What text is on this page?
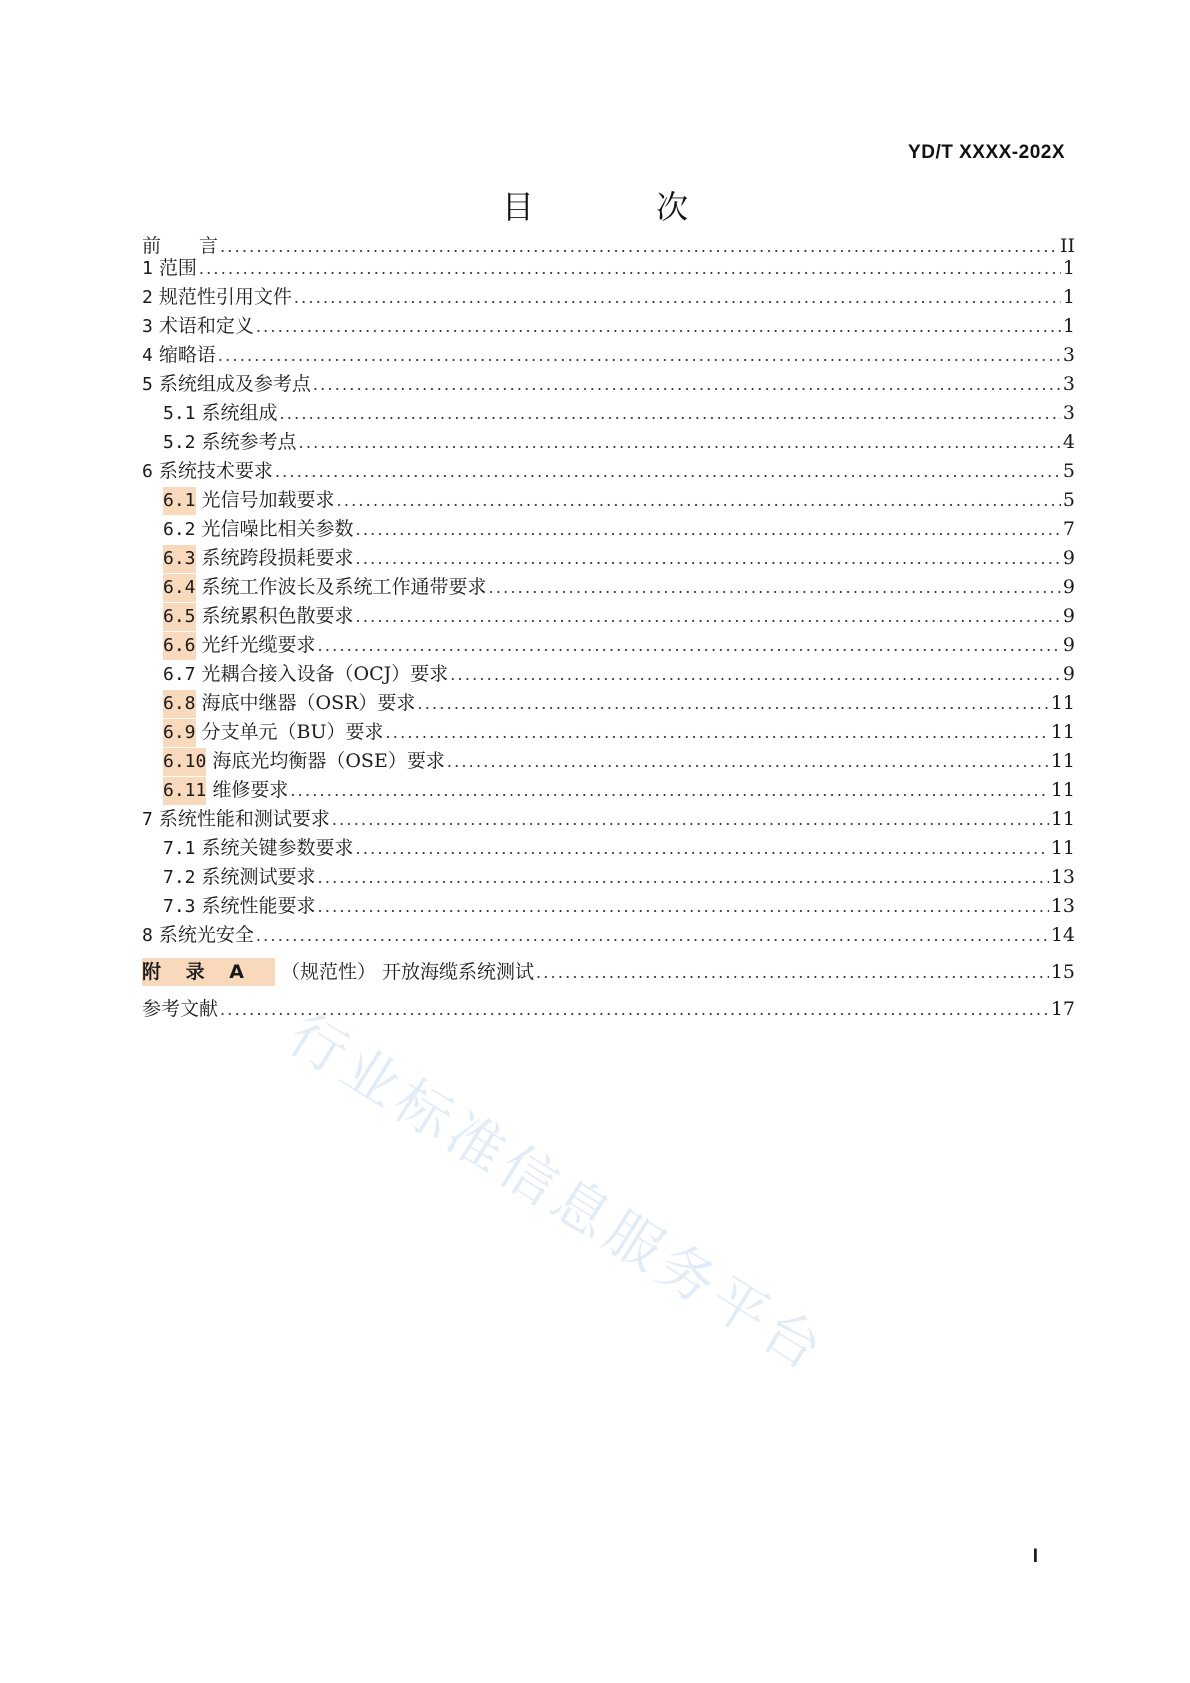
YD/T XXXX-202X
目 次
前　　言 .....	II
1 范围 .....	1
2 规范性引用文件 .....	1
3 术语和定义 .....	1
4 缩略语 .....	3
5 系统组成及参考点 .....	3
5.1 系统组成 .....	3
5.2 系统参考点 .....	4
6 系统技术要求 .....	5
6.1 光信号加载要求 .....	5
6.2 光信噪比相关参数 .....	7
6.3 系统跨段损耗要求 .....	9
6.4 系统工作波长及系统工作通带要求 .....	9
6.5 系统累积色散要求 .....	9
6.6 光纤光缆要求 .....	9
6.7 光耦合接入设备（OCJ）要求 .....	9
6.8 海底中继器（OSR）要求 .....	11
6.9 分支单元（BU）要求 .....	11
6.10 海底光均衡器（OSE）要求 .....	11
6.11 维修要求 .....	11
7 系统性能和测试要求 .....	11
7.1 系统关键参数要求 .....	11
7.2 系统测试要求 .....	13
7.3 系统性能要求 .....	13
8 系统光安全 .....	14
附 录 A	（规范性） 开放海缆系统测试 .....	15
参考文献 .....	17
行业标准信息服务平台
I
